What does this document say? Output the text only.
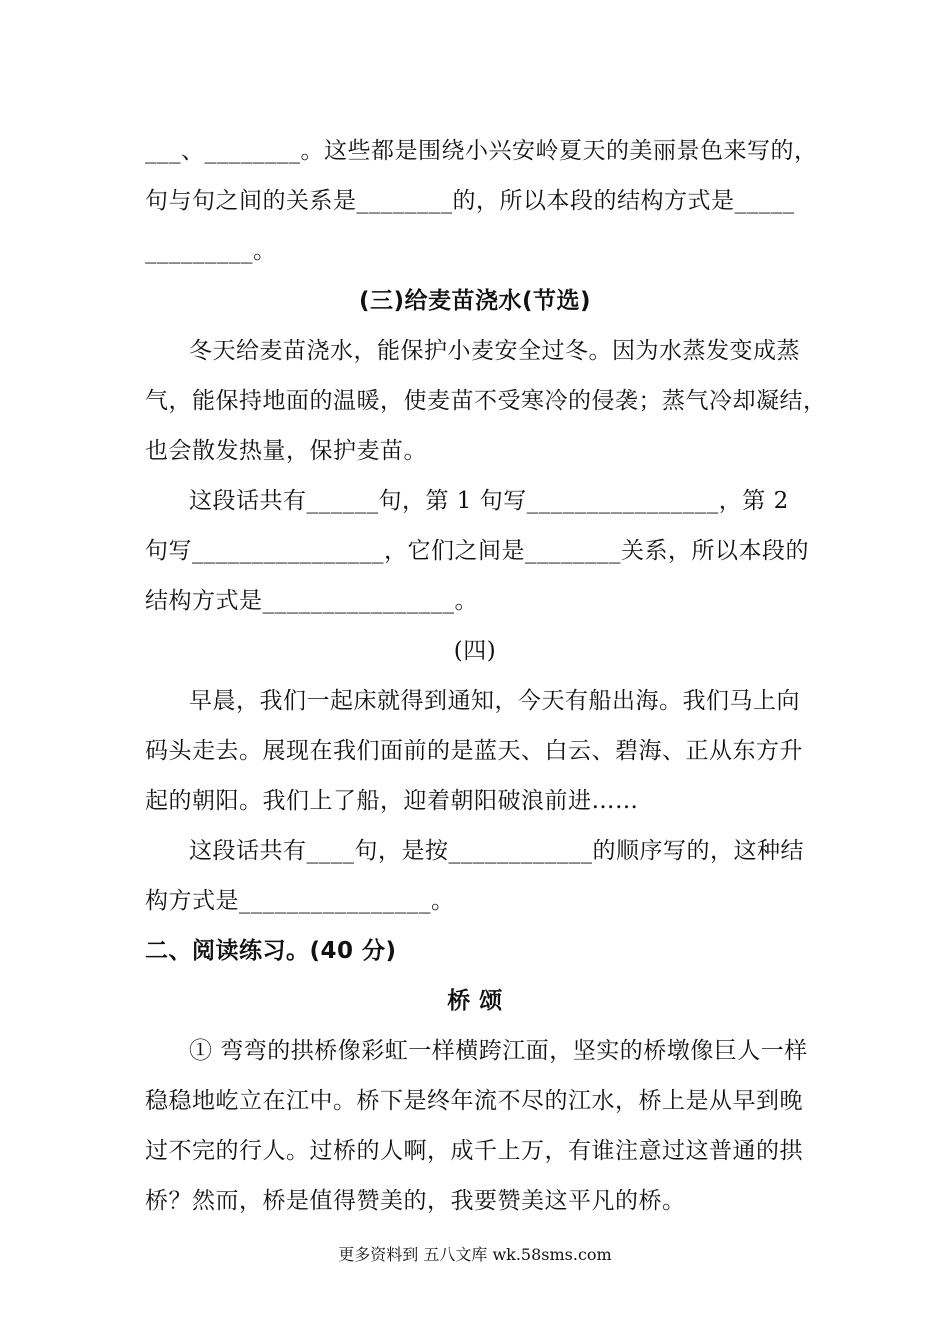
___、________。这些都是围绕小兴安岭夏天的美丽景色来写的，
句与句之间的关系是________的，所以本段的结构方式是_____
_________。
(三)给麦苗浇水(节选)
冬天给麦苗浇水，能保护小麦安全过冬。因为水蒸发变成蒸
气，能保持地面的温暖，使麦苗不受寒冷的侵袭；蒸气冷却凝结，
也会散发热量，保护麦苗。
这段话共有______句，第 1 句写________________，第 2
句写________________，它们之间是________关系，所以本段的
结构方式是________________。
(四)
早晨，我们一起床就得到通知，今天有船出海。我们马上向
码头走去。展现在我们面前的是蓝天、白云、碧海、正从东方升
起的朝阳。我们上了船，迎着朝阳破浪前进……
这段话共有____句，是按____________的顺序写的，这种结
构方式是________________。
二、阅读练习。(40 分)
桥 颂
① 弯弯的拱桥像彩虹一样横跨江面，坚实的桥墩像巨人一样
稳稳地屹立在江中。桥下是终年流不尽的江水，桥上是从早到晚
过不完的行人。过桥的人啊，成千上万，有谁注意过这普通的拱
桥？然而，桥是值得赞美的，我要赞美这平凡的桥。
更多资料到 五八文库 wk.58sms.com
